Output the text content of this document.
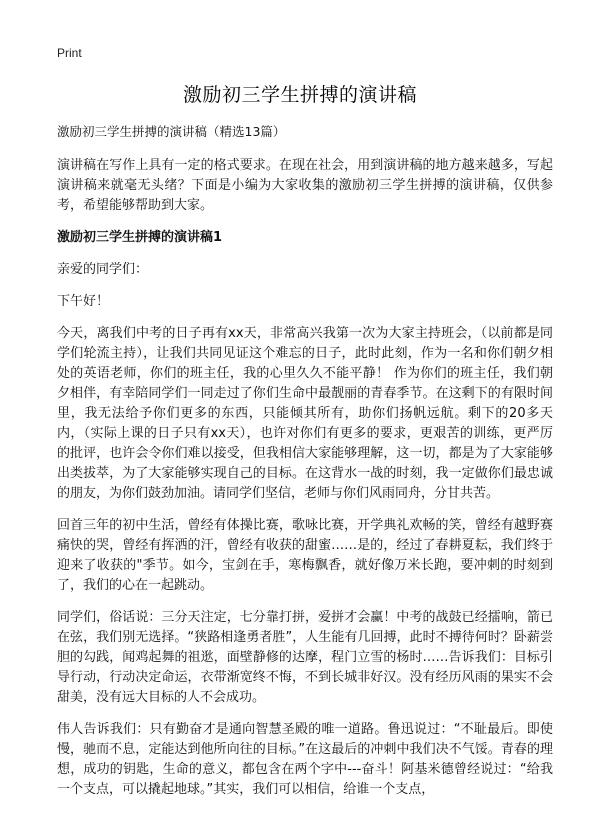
Print
激励初三学生拼搏的演讲稿

激励初三学生拼搏的演讲稿（精选13篇）

演讲稿在写作上具有一定的格式要求。在现在社会，用到演讲稿的地方越来越多，写起演讲稿来就毫无头绪？下面是小编为大家收集的激励初三学生拼搏的演讲稿，仅供参考，希望能够帮助到大家。

激励初三学生拼搏的演讲稿1

亲爱的同学们：

下午好！

今天，离我们中考的日子再有xx天，非常高兴我第一次为大家主持班会，（以前都是同学们轮流主持），让我们共同见证这个难忘的日子，此时此刻，作为一名和你们朝夕相处的英语老师，你们的班主任，我的心里久久不能平静！ 作为你们的班主任，我们朝夕相伴，有幸陪同学们一同走过了你们生命中最靓丽的青春季节。在这剩下的有限时间里，我无法给予你们更多的东西，只能倾其所有，助你们扬帆远航。剩下的20多天内，（实际上课的日子只有xx天），也许对你们有更多的要求，更艰苦的训练，更严厉的批评，也许会令你们难以接受，但我相信大家能够理解，这一切，都是为了大家能够出类拔萃，为了大家能够实现自己的目标。在这背水一战的时刻，我一定做你们最忠诚的朋友，为你们鼓劲加油。请同学们坚信，老师与你们风雨同舟，分甘共苦。

回首三年的初中生活，曾经有体操比赛，歌咏比赛，开学典礼欢畅的笑，曾经有越野赛痛快的哭，曾经有挥洒的汗，曾经有收获的甜蜜……是的，经过了春耕夏耘，我们终于迎来了收获的"季节。如今，宝剑在手，寒梅飘香，就好像万米长跑，要冲刺的时刻到了，我们的心在一起跳动。

同学们，俗话说：三分天注定，七分靠打拼，爱拼才会赢！中考的战鼓已经擂响，箭已在弦，我们别无选择。“狭路相逢勇者胜”，人生能有几回搏，此时不搏待何时？卧薪尝胆的勾践，闻鸡起舞的祖逖，面壁静修的达摩，程门立雪的杨时……告诉我们：目标引导行动，行动决定命运，衣带渐宽终不悔，不到长城非好汉。没有经历风雨的果实不会甜美，没有远大目标的人不会成功。

伟人告诉我们：只有勤奋才是通向智慧圣殿的唯一道路。鲁迅说过：“不耻最后。即使慢，驰而不息，定能达到他所向往的目标。”在这最后的冲刺中我们决不气馁。青春的理想，成功的钥匙，生命的意义，都包含在两个字中---奋斗！阿基米德曾经说过：“给我一个支点，可以撬起地球。”其实，我们可以相信，给谁一个支点，
